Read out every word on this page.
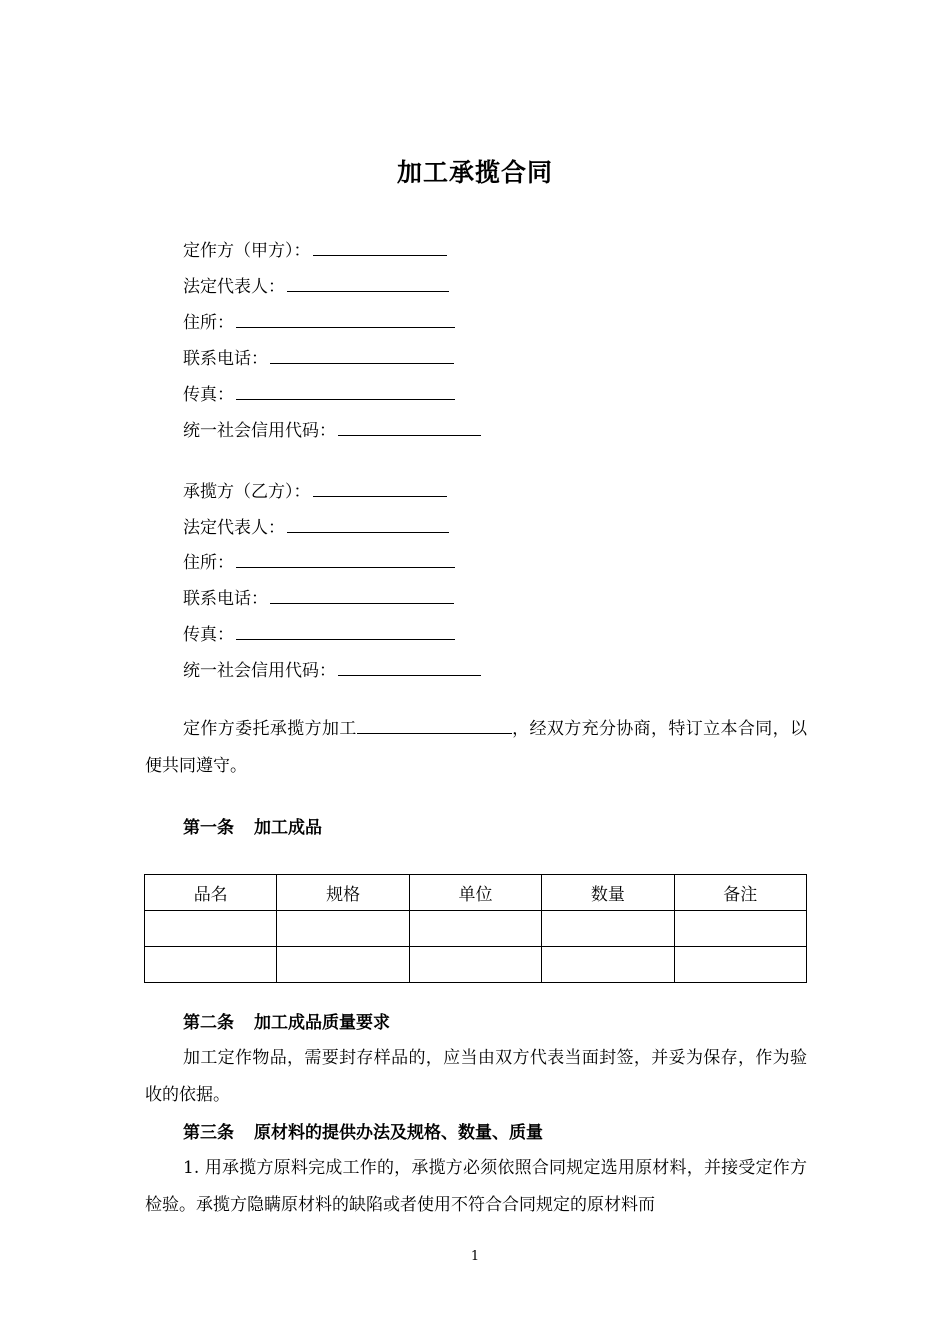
加工承揽合同
定作方（甲方）：
法定代表人：
住所：
联系电话：
传真：
统一社会信用代码：
承揽方（乙方）：
法定代表人：
住所：
联系电话：
传真：
统一社会信用代码：
定作方委托承揽方加工	，经双方充分协商，特订立本合同，以便共同遵守。
第一条 加工成品
品名	规格	单位	数量	备注

第二条 加工成品质量要求
加工定作物品，需要封存样品的，应当由双方代表当面封签，并妥为保存，作为验收的依据。
第三条 原材料的提供办法及规格、数量、质量
1. 用承揽方原料完成工作的，承揽方必须依照合同规定选用原材料，并接受定作方检验。承揽方隐瞒原材料的缺陷或者使用不符合合同规定的原材料而
1
